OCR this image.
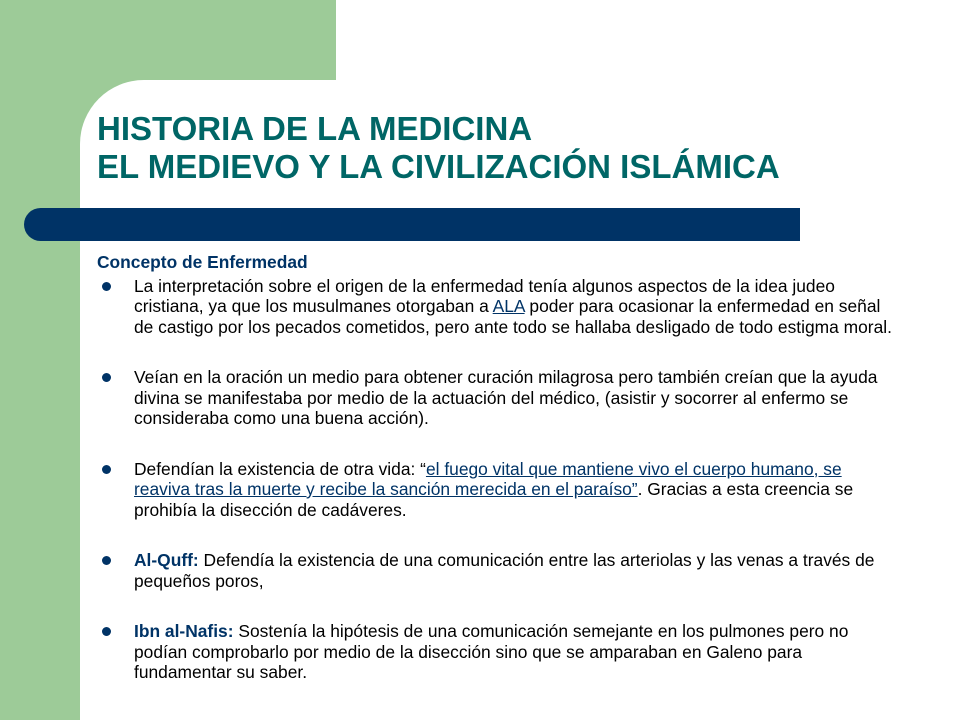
HISTORIA DE LA MEDICINA
EL MEDIEVO Y LA CIVILIZACIÓN ISLÁMICA
Concepto de Enfermedad
La interpretación sobre el origen de la enfermedad tenía algunos aspectos de la idea judeo cristiana, ya que los musulmanes otorgaban a ALA poder para ocasionar la enfermedad en señal de castigo por los pecados cometidos, pero ante todo se hallaba desligado de todo estigma moral.
Veían en la oración un medio para obtener curación milagrosa pero también creían que la ayuda divina se manifestaba por medio de la actuación del médico, (asistir y socorrer al enfermo se consideraba como una buena acción).
Defendían la existencia de otra vida: “el fuego vital que mantiene vivo el cuerpo humano, se reaviva tras la muerte y recibe la sanción merecida en el paraíso”. Gracias a esta creencia se prohibía la disección de cadáveres.
Al-Quff: Defendía la existencia de una comunicación entre las arteriolas y las venas a través de pequeños poros,
Ibn al-Nafis: Sostenía la hipótesis de una comunicación semejante en los pulmones pero no podían comprobarlo por medio de la disección sino que se amparaban en Galeno para fundamentar su saber.
